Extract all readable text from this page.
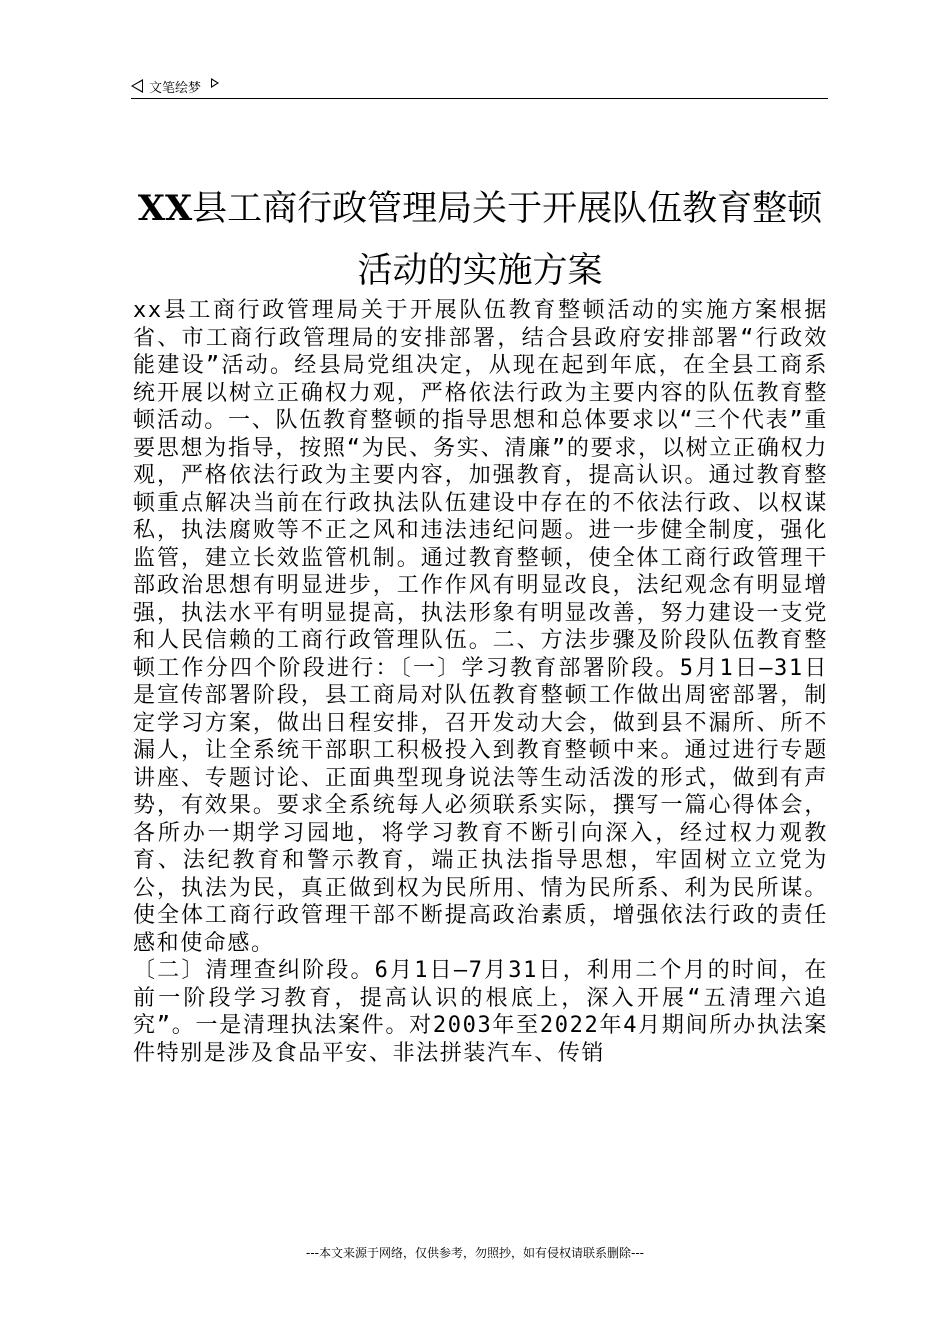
文笔绘梦
XX县工商行政管理局关于开展队伍教育整顿
活动的实施方案

xx县工商行政管理局关于开展队伍教育整顿活动的实施方案根据省、市工商行政管理局的安排部署，结合县政府安排部署“行政效能建设”活动。经县局党组决定，从现在起到年底，在全县工商系统开展以树立正确权力观，严格依法行政为主要内容的队伍教育整顿活动。一、队伍教育整顿的指导思想和总体要求以“三个代表”重要思想为指导，按照“为民、务实、清廉”的要求，以树立正确权力观，严格依法行政为主要内容，加强教育，提高认识。通过教育整顿重点解决当前在行政执法队伍建设中存在的不依法行政、以权谋私，执法腐败等不正之风和违法违纪问题。进一步健全制度，强化监管，建立长效监管机制。通过教育整顿，使全体工商行政管理干部政治思想有明显进步，工作作风有明显改良，法纪观念有明显增强，执法水平有明显提高，执法形象有明显改善，努力建设一支党和人民信赖的工商行政管理队伍。二、方法步骤及阶段队伍教育整顿工作分四个阶段进行：〔一〕学习教育部署阶段。5月1日—31日是宣传部署阶段，县工商局对队伍教育整顿工作做出周密部署，制定学习方案，做出日程安排，召开发动大会，做到县不漏所、所不漏人，让全系统干部职工积极投入到教育整顿中来。通过进行专题讲座、专题讨论、正面典型现身说法等生动活泼的形式，做到有声势，有效果。要求全系统每人必须联系实际，撰写一篇心得体会，各所办一期学习园地，将学习教育不断引向深入，经过权力观教育、法纪教育和警示教育，端正执法指导思想，牢固树立立党为公，执法为民，真正做到权为民所用、情为民所系、利为民所谋。使全体工商行政管理干部不断提高政治素质，增强依法行政的责任感和使命感。

〔二〕清理查纠阶段。6月1日—7月31日，利用二个月的时间，在前一阶段学习教育，提高认识的根底上，深入开展“五清理六追究”。一是清理执法案件。对2003年至2022年4月期间所办执法案件特别是涉及食品平安、非法拼装汽车、传销

---本文来源于网络，仅供参考，勿照抄，如有侵权请联系删除---
